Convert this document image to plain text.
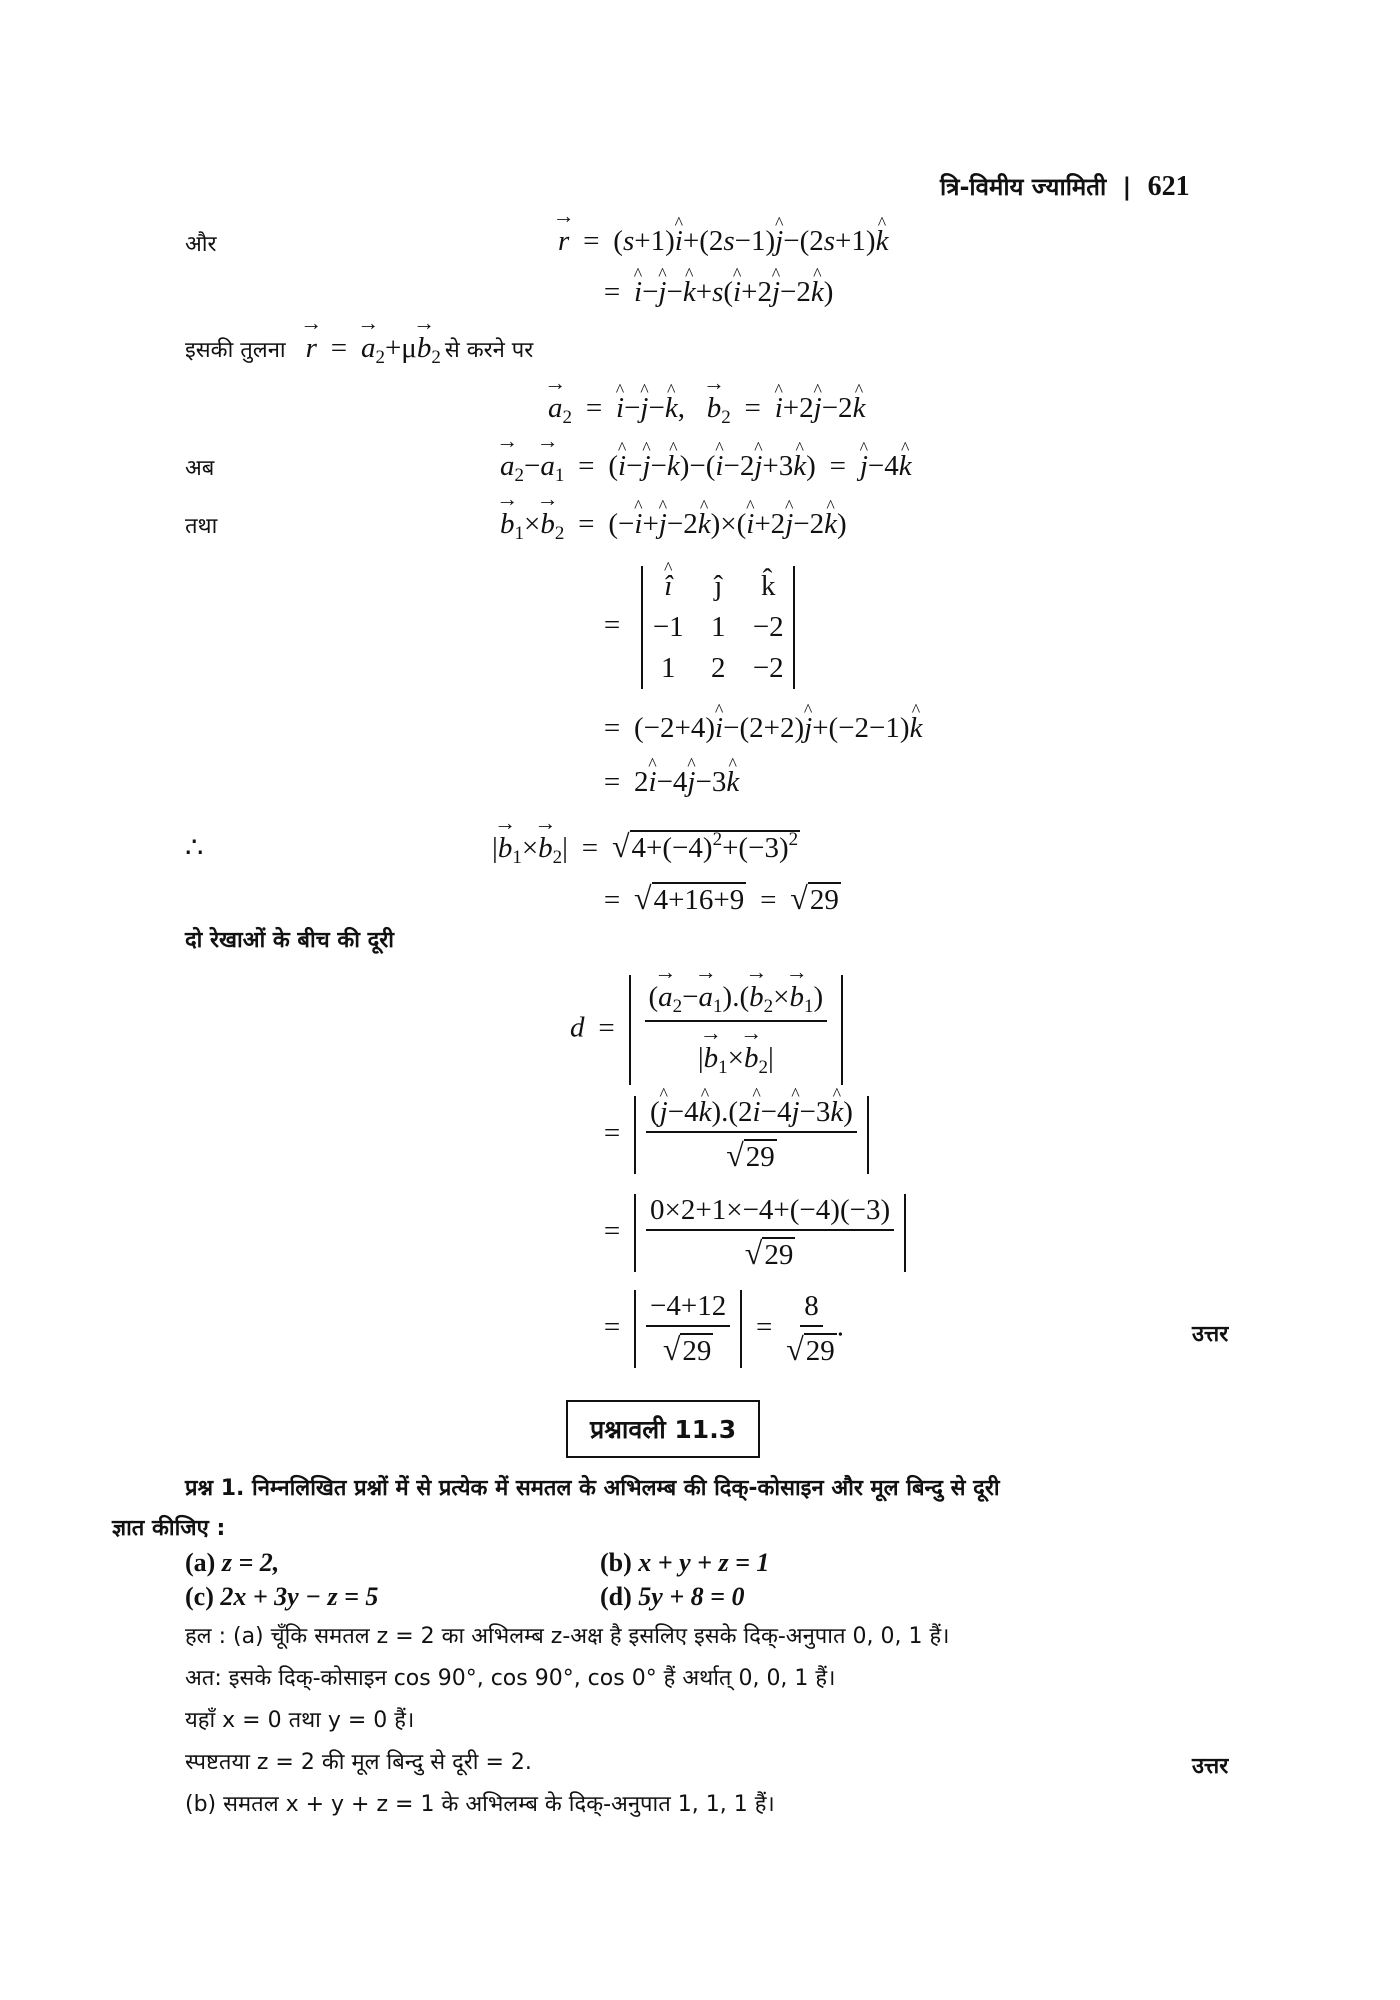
त्रि-विमीय ज्यामिती | 621
और	→ r = (s+1)^ i+(2s−1)^ j−(2s+1)^ k
= ^ i−^ j−^ k+s(^ i+2^ j−2^ k)
इसकी तुलना → r = → $a_2+\mu\to b_2$ से करने पर
→ $a_2$ = ^ i−^ j−^ k,   → $b_2$ = ^ i+2^ j−2^ k
अब	→ $a_2-\to a_1$ = (^ i−^ j−^ k)−(^ i−2^ j+3^ k) = ^ j−4^ k
तथा	→ $b_1\times\to b_2$ = (−^ i+^ j−2^ k)×(^ i+2^ j−2^ k)
=
^ î	ĵ	k̂
−1 1 −2
1	2 −2
= (−2+4)^ i−(2+2)^ j+(−2−1)^ k
= 2^ i−4^ j−3^ k
∴	|→ $b_1\times\to b_2| = √4+(-4)^2+(-3)^2$
= √4+16+9 = √29
दो रेखाओं के बीच की दूरी
$d = \frac{(\to a_2-\to a_1).(\to b_2\times\to b_1)}{|\to b_1\times\to b_2|}$
= $\frac{(\^{} j-4\^{} k).(2\^{} i-4\^{} j-3\^{} k)}{√29}$
= $\frac{0\times 2+1\times-4+(-4)(-3)}{√29}$
= $\frac{-4+12}{√29} = \frac{8}{√29}$ .	उत्तर
प्रश्नावली 11.3
प्रश्न 1. निम्नलिखित प्रश्नों में से प्रत्येक में समतल के अभिलम्ब की दिक्-कोसाइन और मूल बिन्दु से दूरी
ज्ञात कीजिए :
(a) z = 2,	(b) x + y + z = 1
(c) 2x + 3y − z = 5	(d) 5y + 8 = 0
हल : (a) चूँकि समतल z = 2 का अभिलम्ब z-अक्ष है इसलिए इसके दिक्-अनुपात 0, 0, 1 हैं।
अत: इसके दिक्-कोसाइन cos 90°, cos 90°, cos 0° हैं अर्थात् 0, 0, 1 हैं।
यहाँ x = 0 तथा y = 0 हैं।
स्पष्टतया z = 2 की मूल बिन्दु से दूरी = 2.	उत्तर
(b) समतल x + y + z = 1 के अभिलम्ब के दिक्-अनुपात 1, 1, 1 हैं।
